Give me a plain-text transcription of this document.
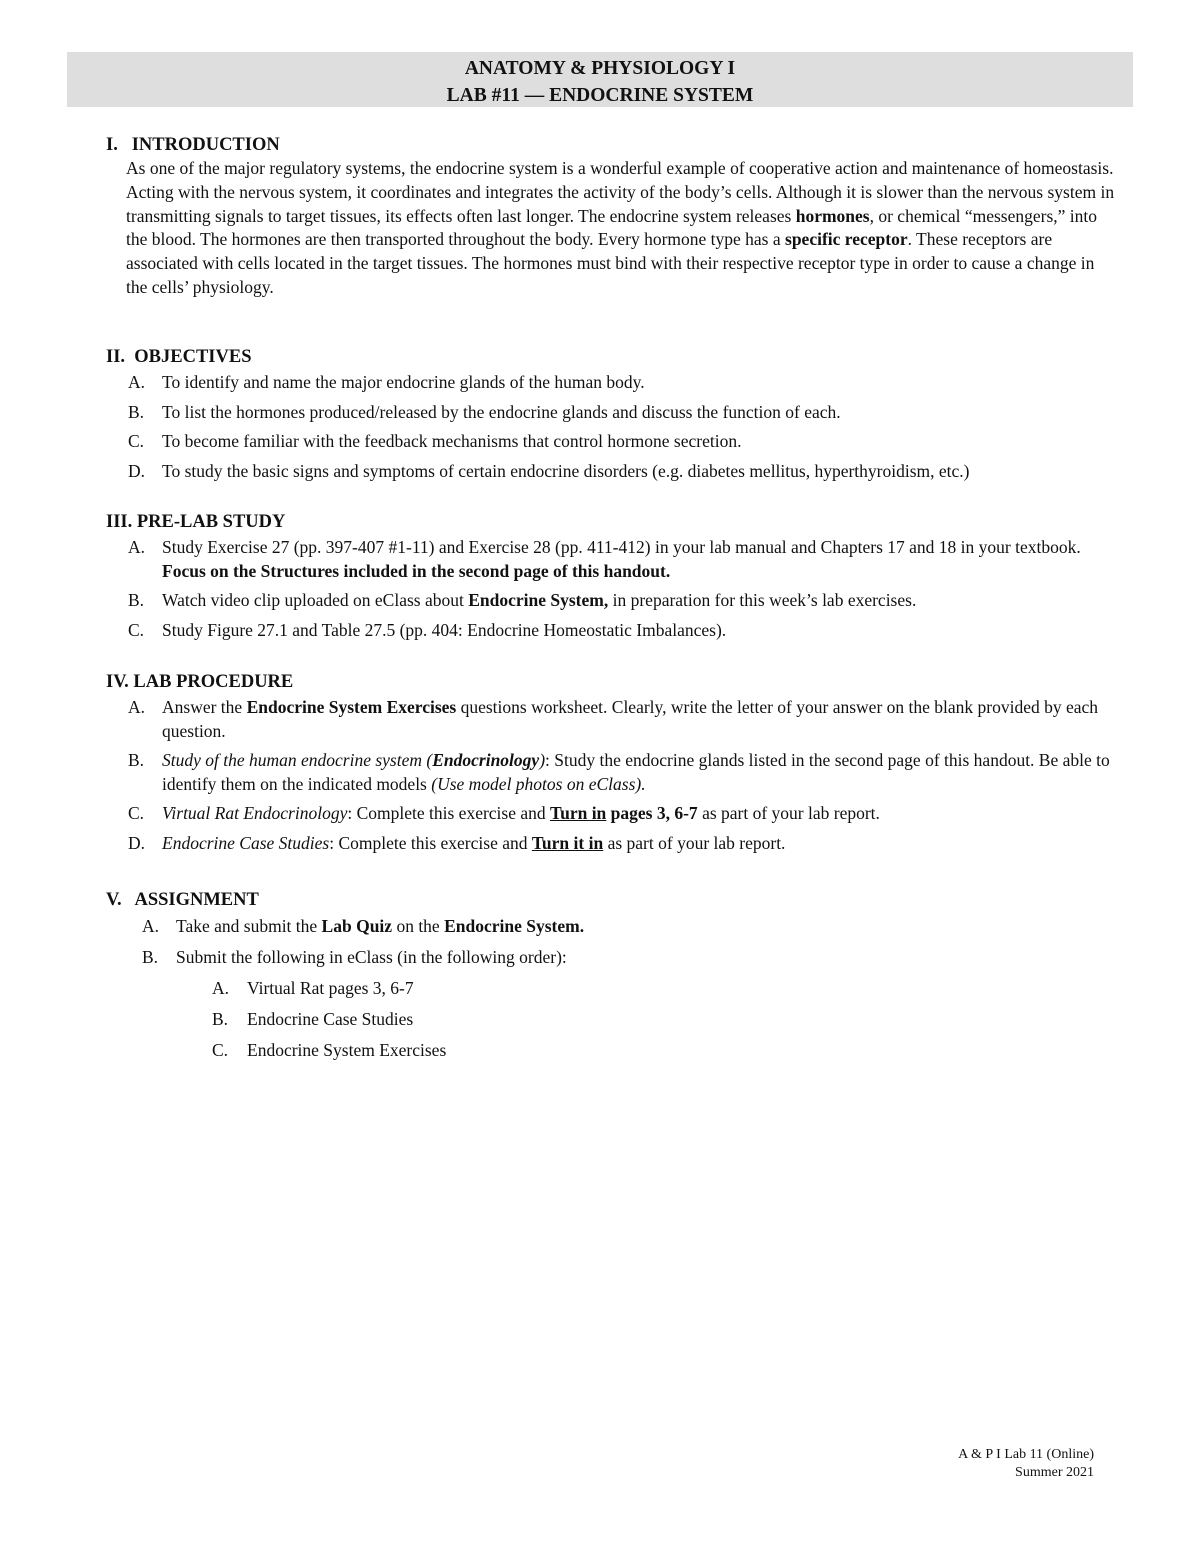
ANATOMY & PHYSIOLOGY I
LAB #11 — ENDOCRINE SYSTEM
I.   INTRODUCTION
As one of the major regulatory systems, the endocrine system is a wonderful example of cooperative action and maintenance of homeostasis. Acting with the nervous system, it coordinates and integrates the activity of the body’s cells. Although it is slower than the nervous system in transmitting signals to target tissues, its effects often last longer. The endocrine system releases hormones, or chemical “messengers,” into the blood. The hormones are then transported throughout the body. Every hormone type has a specific receptor. These receptors are associated with cells located in the target tissues. The hormones must bind with their respective receptor type in order to cause a change in the cells’ physiology.
II.  OBJECTIVES
A. To identify and name the major endocrine glands of the human body.
B. To list the hormones produced/released by the endocrine glands and discuss the function of each.
C. To become familiar with the feedback mechanisms that control hormone secretion.
D. To study the basic signs and symptoms of certain endocrine disorders (e.g. diabetes mellitus, hyperthyroidism, etc.)
III. PRE-LAB STUDY
A. Study Exercise 27 (pp. 397-407 #1-11) and Exercise 28 (pp. 411-412) in your lab manual and Chapters 17 and 18 in your textbook. Focus on the Structures included in the second page of this handout.
B. Watch video clip uploaded on eClass about Endocrine System, in preparation for this week’s lab exercises.
C. Study Figure 27.1 and Table 27.5 (pp. 404: Endocrine Homeostatic Imbalances).
IV. LAB PROCEDURE
A. Answer the Endocrine System Exercises questions worksheet. Clearly, write the letter of your answer on the blank provided by each question.
B. Study of the human endocrine system (Endocrinology): Study the endocrine glands listed in the second page of this handout. Be able to identify them on the indicated models (Use model photos on eClass).
C. Virtual Rat Endocrinology: Complete this exercise and Turn in pages 3, 6-7 as part of your lab report.
D. Endocrine Case Studies: Complete this exercise and Turn it in as part of your lab report.
V.   ASSIGNMENT
A. Take and submit the Lab Quiz on the Endocrine System.
B. Submit the following in eClass (in the following order):
A. Virtual Rat pages 3, 6-7
B. Endocrine Case Studies
C. Endocrine System Exercises
A & P I Lab 11 (Online)
Summer 2021
